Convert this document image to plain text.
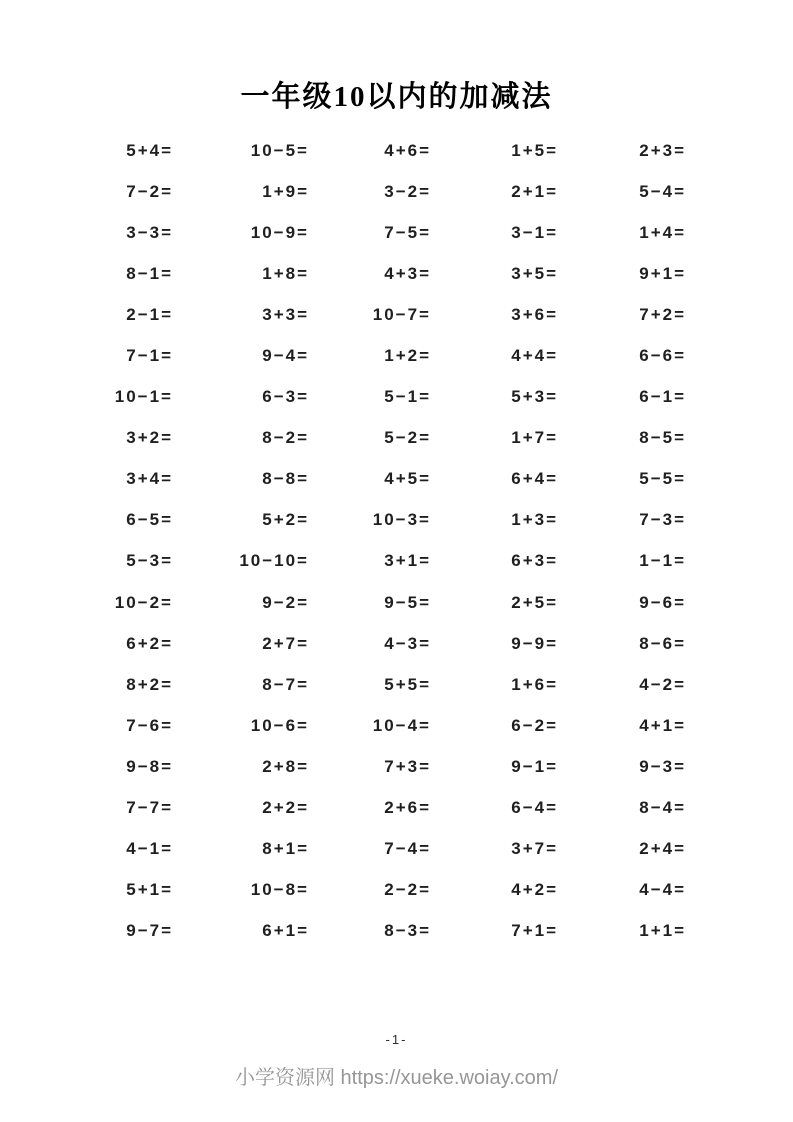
一年级10以内的加减法
5+4=	10−5=	4+6=	1+5=	2+3=
7−2=	1+9=	3−2=	2+1=	5−4=
3−3=	10−9=	7−5=	3−1=	1+4=
8−1=	1+8=	4+3=	3+5=	9+1=
2−1=	3+3=	10−7=	3+6=	7+2=
7−1=	9−4=	1+2=	4+4=	6−6=
10−1=	6−3=	5−1=	5+3=	6−1=
3+2=	8−2=	5−2=	1+7=	8−5=
3+4=	8−8=	4+5=	6+4=	5−5=
6−5=	5+2=	10−3=	1+3=	7−3=
5−3=	10−10=	3+1=	6+3=	1−1=
10−2=	9−2=	9−5=	2+5=	9−6=
6+2=	2+7=	4−3=	9−9=	8−6=
8+2=	8−7=	5+5=	1+6=	4−2=
7−6=	10−6=	10−4=	6−2=	4+1=
9−8=	2+8=	7+3=	9−1=	9−3=
7−7=	2+2=	2+6=	6−4=	8−4=
4−1=	8+1=	7−4=	3+7=	2+4=
5+1=	10−8=	2−2=	4+2=	4−4=
9−7=	6+1=	8−3=	7+1=	1+1=
-1-
小学资源网 https://xueke.woiay.com/
